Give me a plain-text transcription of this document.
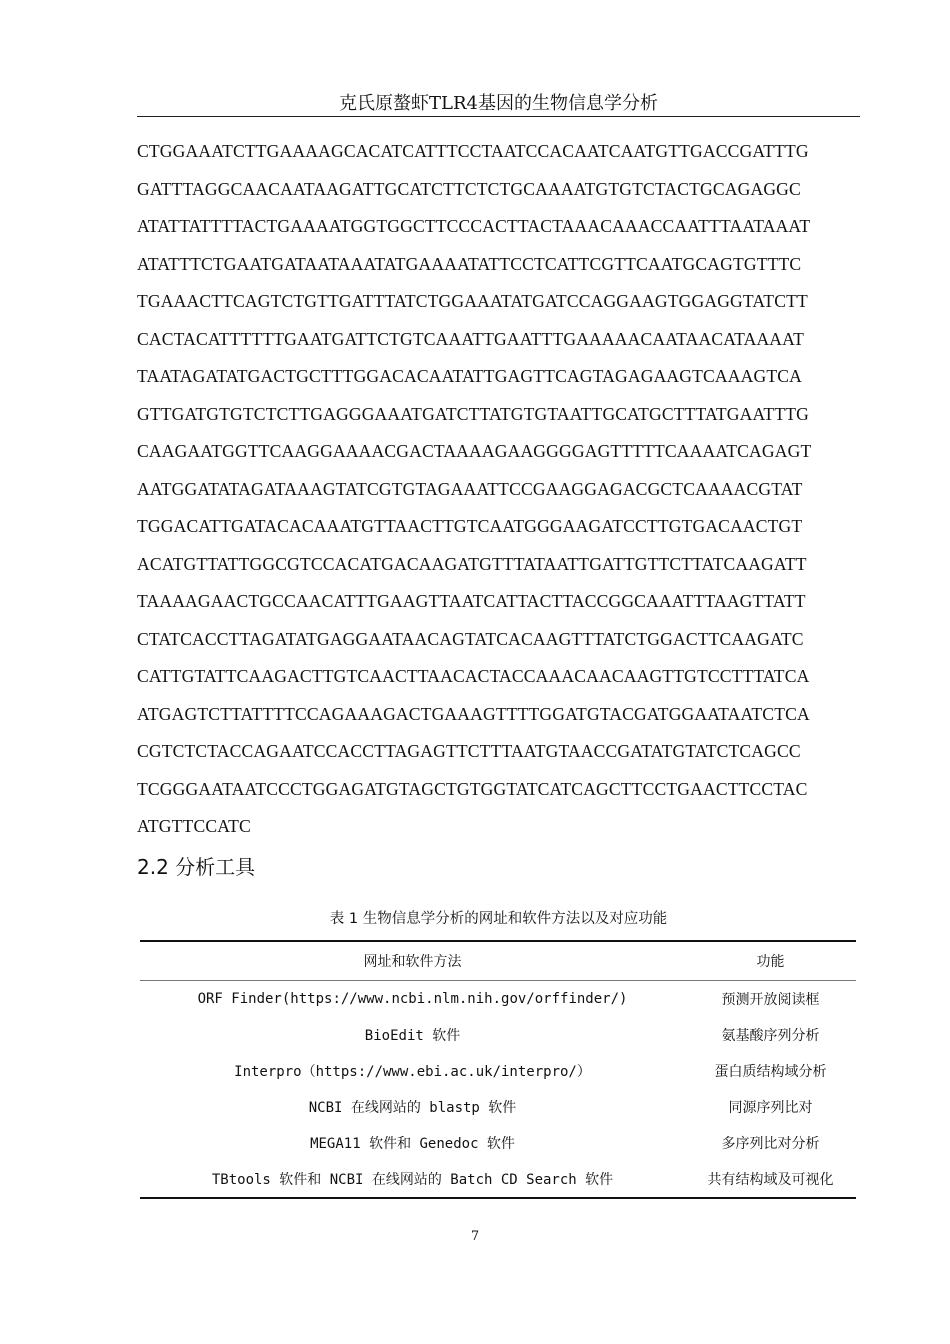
克氏原螯虾TLR4基因的生物信息学分析
CTGGAAATCTTGAAAAGCACATCATTTCCTAATCCACAATCAATGTTGACCGATTTG
GATTTAGGCAACAATAAGATTGCATCTTCTCTGCAAAATGTGTCTACTGCAGAGGC
ATATTATTTTACTGAAAATGGTGGCTTCCCACTTACTAAACAAACCAATTTAATAAAT
ATATTTCTGAATGATAATAAATATGAAAATATTCCTCATTCGTTCAATGCAGTGTTTC
TGAAACTTCAGTCTGTTGATTTATCTGGAAATATGATCCAGGAAGTGGAGGTATCTT
CACTACATTTTTTGAATGATTCTGTCAAATTGAATTTGAAAAACAATAACATAAAAT
TAATAGATATGACTGCTTTGGACACAATATTGAGTTCAGTAGAGAAGTCAAAGTCA
GTTGATGTGTCTCTTGAGGGAAATGATCTTATGTGTAATTGCATGCTTTATGAATTTG
CAAGAATGGTTCAAGGAAAACGACTAAAAGAAGGGGAGTTTTTCAAAATCAGAGT
AATGGATATAGATAAAGTATCGTGTAGAAATTCCGAAGGAGACGCTCAAAACGTAT
TGGACATTGATACACAAATGTTAACTTGTCAATGGGAAGATCCTTGTGACAACTGT
ACATGTTATTGGCGTCCACATGACAAGATGTTTATAATTGATTGTTCTTATCAAGATT
TAAAAGAACTGCCAACATTTGAAGTTAATCATTACTTACCGGCAAATTTAAGTTATT
CTATCACCTTAGATATGAGGAATAACAGTATCACAAGTTTATCTGGACTTCAAGATC
CATTGTATTCAAGACTTGTCAACTTAACACTACCAAACAACAAGTTGTCCTTTATCA
ATGAGTCTTATTTTCCAGAAAGACTGAAAGTTTTGGATGTACGATGGAATAATCTCA
CGTCTCTACCAGAATCCACCTTAGAGTTCTTTAATGTAACCGATATGTATCTCAGCC
TCGGGAATAATCCCTGGAGATGTAGCTGTGGTATCATCAGCTTCCTGAACTTCCTAC
ATGTTCCATC
2.2 分析工具
表 1 生物信息学分析的网址和软件方法以及对应功能
网址和软件方法	功能
ORF Finder(https://www.ncbi.nlm.nih.gov/orffinder/)	预测开放阅读框
BioEdit 软件	氨基酸序列分析
Interpro（https://www.ebi.ac.uk/interpro/）	蛋白质结构域分析
NCBI 在线网站的 blastp 软件	同源序列比对
MEGA11 软件和 Genedoc 软件	多序列比对分析
TBtools 软件和 NCBI 在线网站的 Batch CD Search 软件	共有结构域及可视化
7
